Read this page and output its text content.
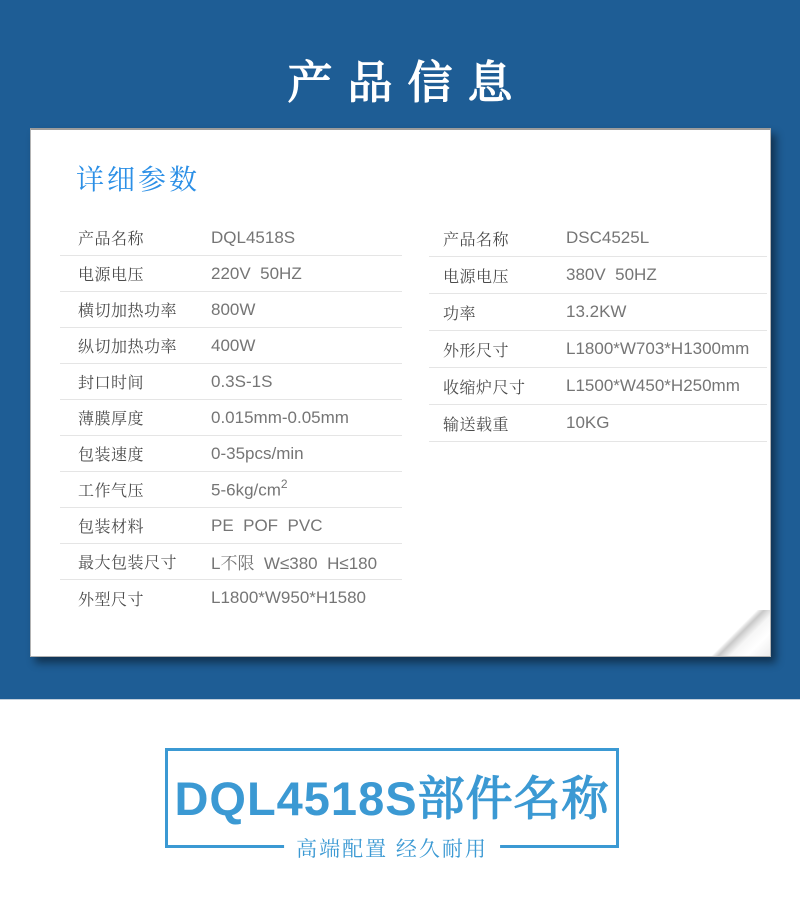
产品信息
详细参数
产品名称	DQL4518S
电源电压	220V  50HZ
横切加热功率	800W
纵切加热功率	400W
封口时间	0.3S-1S
薄膜厚度	0.015mm-0.05mm
包装速度	0-35pcs/min
工作气压	$5-6kg/cm^2$
包装材料	PE  POF  PVC
最大包装尺寸	L不限  W≤380  H≤180
外型尺寸	L1800*W950*H1580
产品名称	DSC4525L
电源电压	380V  50HZ
功率	13.2KW
外形尺寸	L1800*W703*H1300mm
收缩炉尺寸	L1500*W450*H250mm
输送载重	10KG
DQL4518S部件名称
高端配置 经久耐用
